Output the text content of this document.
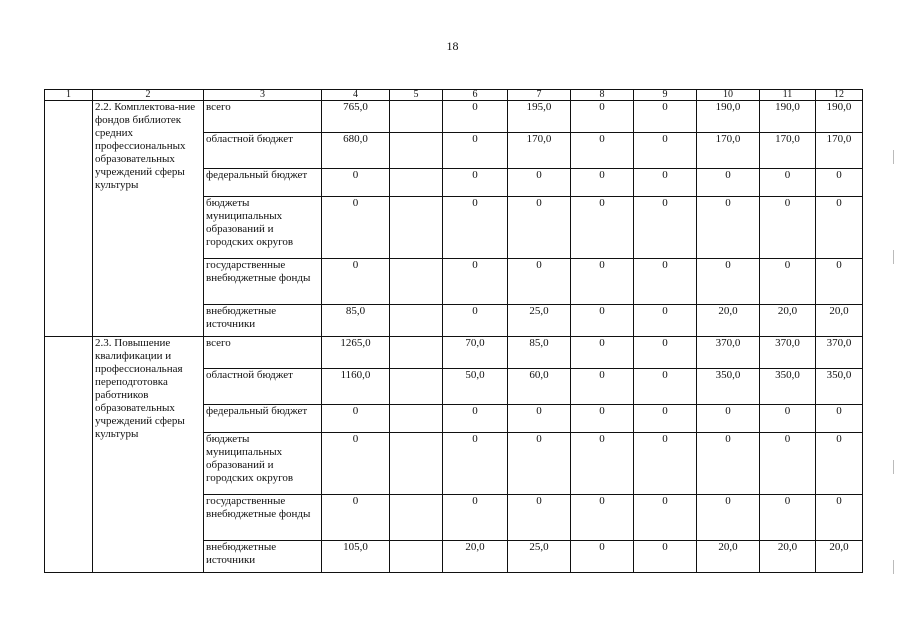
18
1	2	3	4	5	6	7	8	9	10	11	12
	2.2. Комплектова-ние фондов библиотек средних профессиональных образовательных учреждений сферы культуры	всего	765,0		0	195,0	0	0	190,0	190,0	190,0
		областной бюджет	680,0		0	170,0	0	0	170,0	170,0	170,0
		федеральный бюджет	0		0	0	0	0	0	0	0
		бюджеты муниципальных образований и городских округов	0		0	0	0	0	0	0	0
		государственные внебюджетные фонды	0		0	0	0	0	0	0	0
		внебюджетные источники	85,0		0	25,0	0	0	20,0	20,0	20,0
	2.3. Повышение квалификации и профессиональная переподготовка работников образовательных учреждений сферы культуры	всего	1265,0		70,0	85,0	0	0	370,0	370,0	370,0
		областной бюджет	1160,0		50,0	60,0	0	0	350,0	350,0	350,0
		федеральный бюджет	0		0	0	0	0	0	0	0
		бюджеты муниципальных образований и городских округов	0		0	0	0	0	0	0	0
		государственные внебюджетные фонды	0		0	0	0	0	0	0	0
		внебюджетные источники	105,0		20,0	25,0	0	0	20,0	20,0	20,0
